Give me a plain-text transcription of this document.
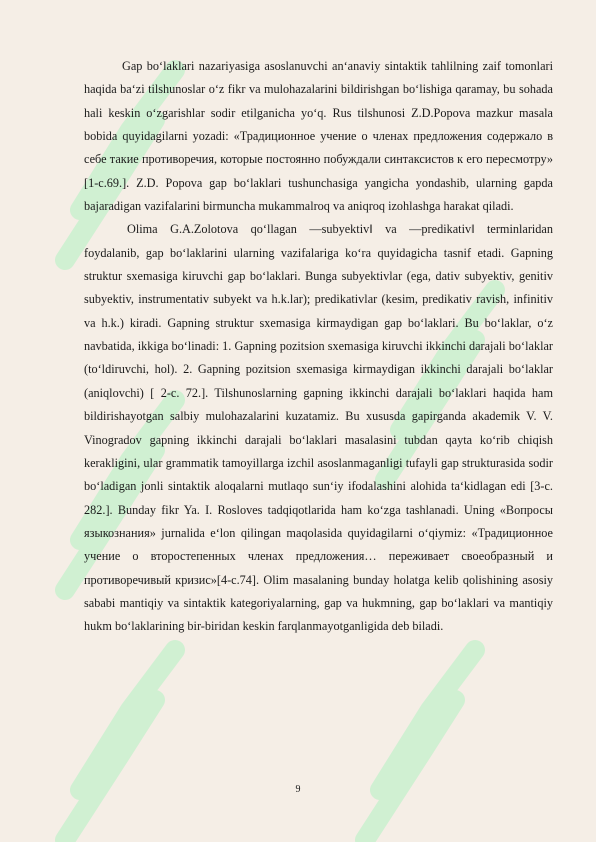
Gap bo‘laklari nazariyasiga asoslanuvchi an‘anaviy sintaktik tahlilning zaif tomonlari haqida ba‘zi tilshunoslar o‘z fikr va mulohazalarini bildirishgan bo‘lishiga qaramay, bu sohada hali keskin o‘zgarishlar sodir etilganicha yo‘q. Rus tilshunosi Z.D.Popova mazkur masala bobida quyidagilarni yozadi: «Традиционное учение о членах предложения содержало в себе такие противоречия, которые постоянно побуждали синтаксистов к его пересмотру» [1-с.69.]. Z.D. Popova gap bo‘laklari tushunchasiga yangicha yondashib, ularning gapda bajaradigan vazifalarini birmuncha mukammalroq va aniqroq izohlashga harakat qiladi.

Olima G.A.Zolotova qo‘llagan ―subyektiv‖ va ―predikativ‖ terminlaridan foydalanib, gap bo‘laklarini ularning vazifalariga ko‘ra quyidagicha tasnif etadi. Gapning struktur sxemasiga kiruvchi gap bo‘laklari. Bunga subyektivlar (ega, dativ subyektiv, genitiv subyektiv, instrumentativ subyekt va h.k.lar); predikativlar (kesim, predikativ ravish, infinitiv va h.k.) kiradi. Gapning struktur sxemasiga kirmaydigan gap bo‘laklari. Bu bo‘laklar, o‘z navbatida, ikkiga bo‘linadi: 1. Gapning pozitsion sxemasiga kiruvchi ikkinchi darajali bo‘laklar (to‘ldiruvchi, hol). 2. Gapning pozitsion sxemasiga kirmaydigan ikkinchi darajali bo‘laklar (aniqlovchi) [ 2-c. 72.]. Tilshunoslarning gapning ikkinchi darajali bo‘laklari haqida ham bildirishayotgan salbiy mulohazalarini kuzatamiz. Bu xususda gapirganda akademik V. V. Vinogradov gapning ikkinchi darajali bo‘laklari masalasini tubdan qayta ko‘rib chiqish kerakligini, ular grammatik tamoyillarga izchil asoslanmaganligi tufayli gap strukturasida sodir bo‘ladigan jonli sintaktik aloqalarni mutlaqo sun‘iy ifodalashini alohida ta‘kidlagan edi [3-c. 282.]. Bunday fikr Ya. I. Rosloves tadqiqotlarida ham ko‘zga tashlanadi. Uning «Вопросы языкознания» jurnalida e‘lon qilingan maqolasida quyidagilarni o‘qiymiz: «Традиционное учение о второстепенных членах предложения… переживает своеобразный и противоречивый кризис»[4-c.74]. Olim masalaning bunday holatga kelib qolishining asosiy sababi mantiqiy va sintaktik kategoriyalarning, gap va hukmning, gap bo‘laklari va mantiqiy hukm bo‘laklarining bir-biridan keskin farqlanmayotganligida deb biladi.

9
